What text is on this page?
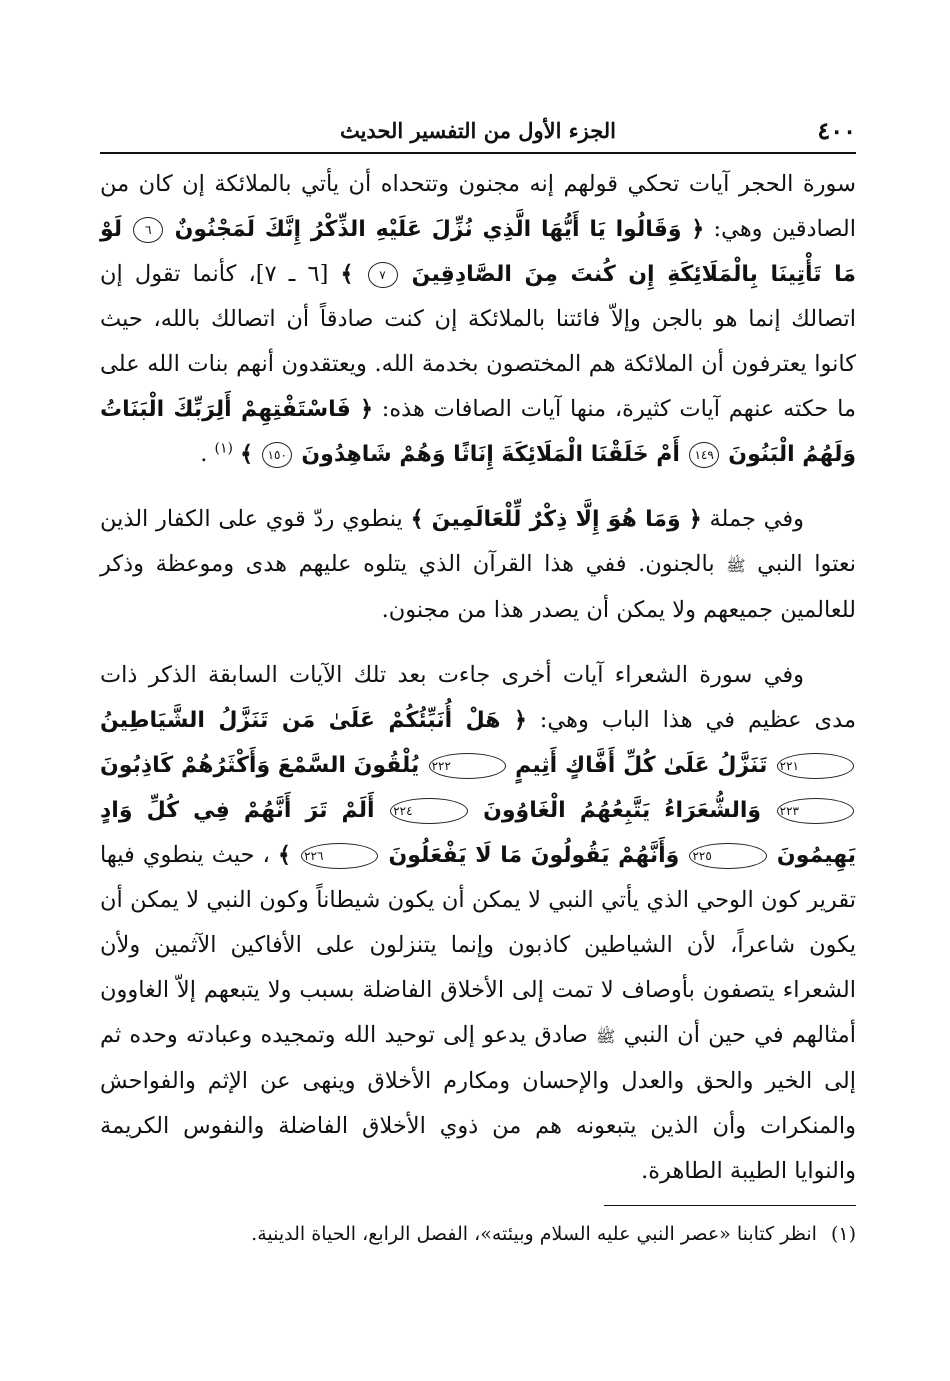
٤٠٠
الجزء الأول من التفسير الحديث

سورة الحجر آيات تحكي قولهم إنه مجنون وتتحداه أن يأتي بالملائكة إن كان من الصادقين وهي: ﴿ وَقَالُوا يَا أَيُّهَا الَّذِي نُزِّلَ عَلَيْهِ الذِّكْرُ إِنَّكَ لَمَجْنُونٌ ٦ لَوْ مَا تَأْتِينَا بِالْمَلَائِكَةِ إِن كُنتَ مِنَ الصَّادِقِينَ ٧ ﴾ [٦ ـ ٧]، كأنما تقول إن اتصالك إنما هو بالجن وإلاّ فائتنا بالملائكة إن كنت صادقاً أن اتصالك بالله، حيث كانوا يعترفون أن الملائكة هم المختصون بخدمة الله. ويعتقدون أنهم بنات الله على ما حكته عنهم آيات كثيرة، منها آيات الصافات هذه: ﴿ فَاسْتَفْتِهِمْ أَلِرَبِّكَ الْبَنَاتُ وَلَهُمُ الْبَنُونَ ١٤٩ أَمْ خَلَقْنَا الْمَلَائِكَةَ إِنَاثًا وَهُمْ شَاهِدُونَ ١٥٠ ﴾ $^{(١)}$ .

وفي جملة ﴿ وَمَا هُوَ إِلَّا ذِكْرٌ لِّلْعَالَمِينَ ﴾ ينطوي ردّ قوي على الكفار الذين نعتوا النبي ﷺ بالجنون. ففي هذا القرآن الذي يتلوه عليهم هدى وموعظة وذكر للعالمين جميعهم ولا يمكن أن يصدر هذا من مجنون.

وفي سورة الشعراء آيات أخرى جاءت بعد تلك الآيات السابقة الذكر ذات مدى عظيم في هذا الباب وهي: ﴿ هَلْ أُنَبِّئُكُمْ عَلَىٰ مَن تَنَزَّلُ الشَّيَاطِينُ ٢٢١ تَنَزَّلُ عَلَىٰ كُلِّ أَفَّاكٍ أَثِيمٍ ٢٢٢ يُلْقُونَ السَّمْعَ وَأَكْثَرُهُمْ كَاذِبُونَ ٢٢٣ وَالشُّعَرَاءُ يَتَّبِعُهُمُ الْغَاوُونَ ٢٢٤ أَلَمْ تَرَ أَنَّهُمْ فِي كُلِّ وَادٍ يَهِيمُونَ ٢٢٥ وَأَنَّهُمْ يَقُولُونَ مَا لَا يَفْعَلُونَ ٢٢٦ ﴾ ، حيث ينطوي فيها تقرير كون الوحي الذي يأتي النبي لا يمكن أن يكون شيطاناً وكون النبي لا يمكن أن يكون شاعراً، لأن الشياطين كاذبون وإنما يتنزلون على الأفاكين الآثمين ولأن الشعراء يتصفون بأوصاف لا تمت إلى الأخلاق الفاضلة بسبب ولا يتبعهم إلاّ الغاوون أمثالهم في حين أن النبي ﷺ صادق يدعو إلى توحيد الله وتمجيده وعبادته وحده ثم إلى الخير والحق والعدل والإحسان ومكارم الأخلاق وينهى عن الإثم والفواحش والمنكرات وأن الذين يتبعونه هم من ذوي الأخلاق الفاضلة والنفوس الكريمة والنوايا الطيبة الطاهرة.

(١) انظر كتابنا «عصر النبي عليه السلام وبيئته»، الفصل الرابع، الحياة الدينية.
